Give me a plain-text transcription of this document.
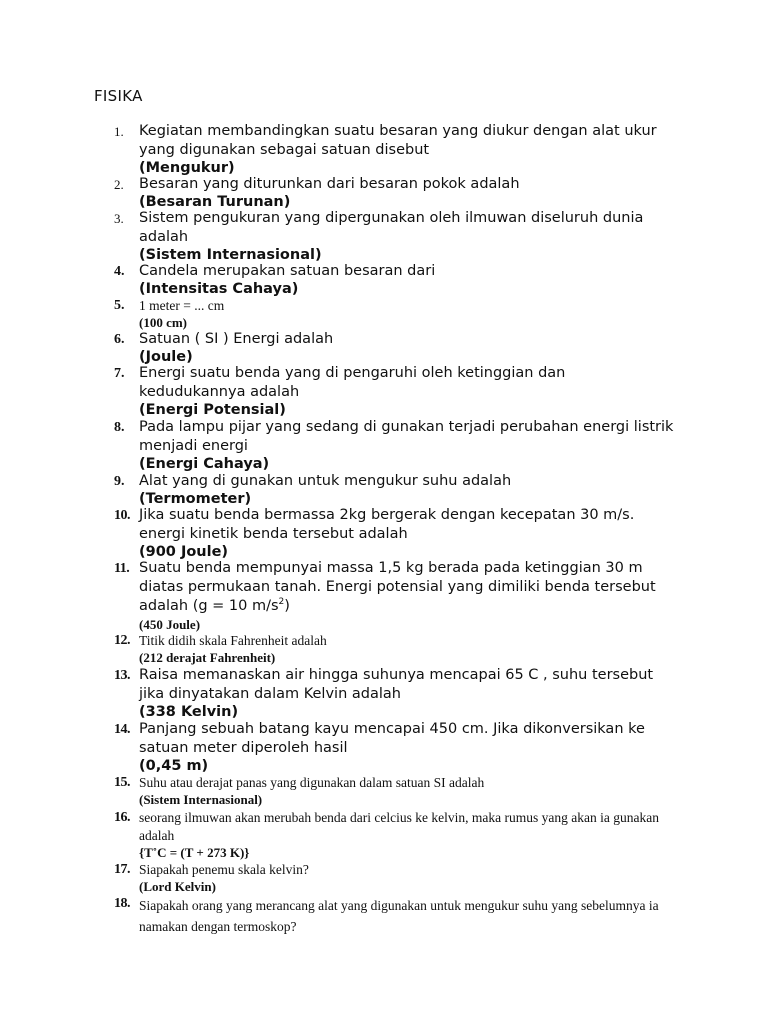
FISIKA
1.	Kegiatan membandingkan suatu besaran yang diukur dengan alat ukur yang digunakan sebagai satuan disebut
(Mengukur)
2.	Besaran yang diturunkan dari besaran pokok adalah
(Besaran Turunan)
3.	Sistem pengukuran yang dipergunakan oleh ilmuwan diseluruh dunia adalah
(Sistem Internasional)
4.	Candela merupakan satuan besaran dari
(Intensitas Cahaya)
5.	1 meter = ... cm
(100 cm)
6.	Satuan ( SI ) Energi adalah
(Joule)
7.	Energi suatu benda yang di pengaruhi oleh ketinggian dan kedudukannya adalah
(Energi Potensial)
8.	Pada lampu pijar yang sedang di gunakan terjadi perubahan energi listrik menjadi energi
(Energi Cahaya)
9.	Alat yang di gunakan untuk mengukur suhu adalah
(Termometer)
10. Jika suatu benda bermassa 2kg bergerak dengan kecepatan 30 m/s. energi kinetik benda tersebut adalah
(900 Joule)
11. Suatu benda mempunyai massa 1,5 kg berada pada ketinggian 30 m diatas permukaan tanah. Energi potensial yang dimiliki benda tersebut adalah (g = 10 $m/s^2$)
(450 Joule)
12. Titik didih skala Fahrenheit adalah
(212 derajat Fahrenheit)
13. Raisa memanaskan air hingga suhunya mencapai 65 C , suhu tersebut jika dinyatakan dalam Kelvin adalah
(338 Kelvin)
14. Panjang sebuah batang kayu mencapai 450 cm. Jika dikonversikan ke satuan meter diperoleh hasil
(0,45 m)
15. Suhu atau derajat panas yang digunakan dalam satuan SI adalah
(Sistem Internasional)
16. seorang ilmuwan akan merubah benda dari celcius ke kelvin, maka rumus yang akan ia gunakan adalah
{T˚C = (T + 273 K)}
17. Siapakah penemu skala kelvin?
(Lord Kelvin)
18. Siapakah orang yang merancang alat yang digunakan untuk mengukur suhu yang sebelumnya ia namakan dengan termoskop?
